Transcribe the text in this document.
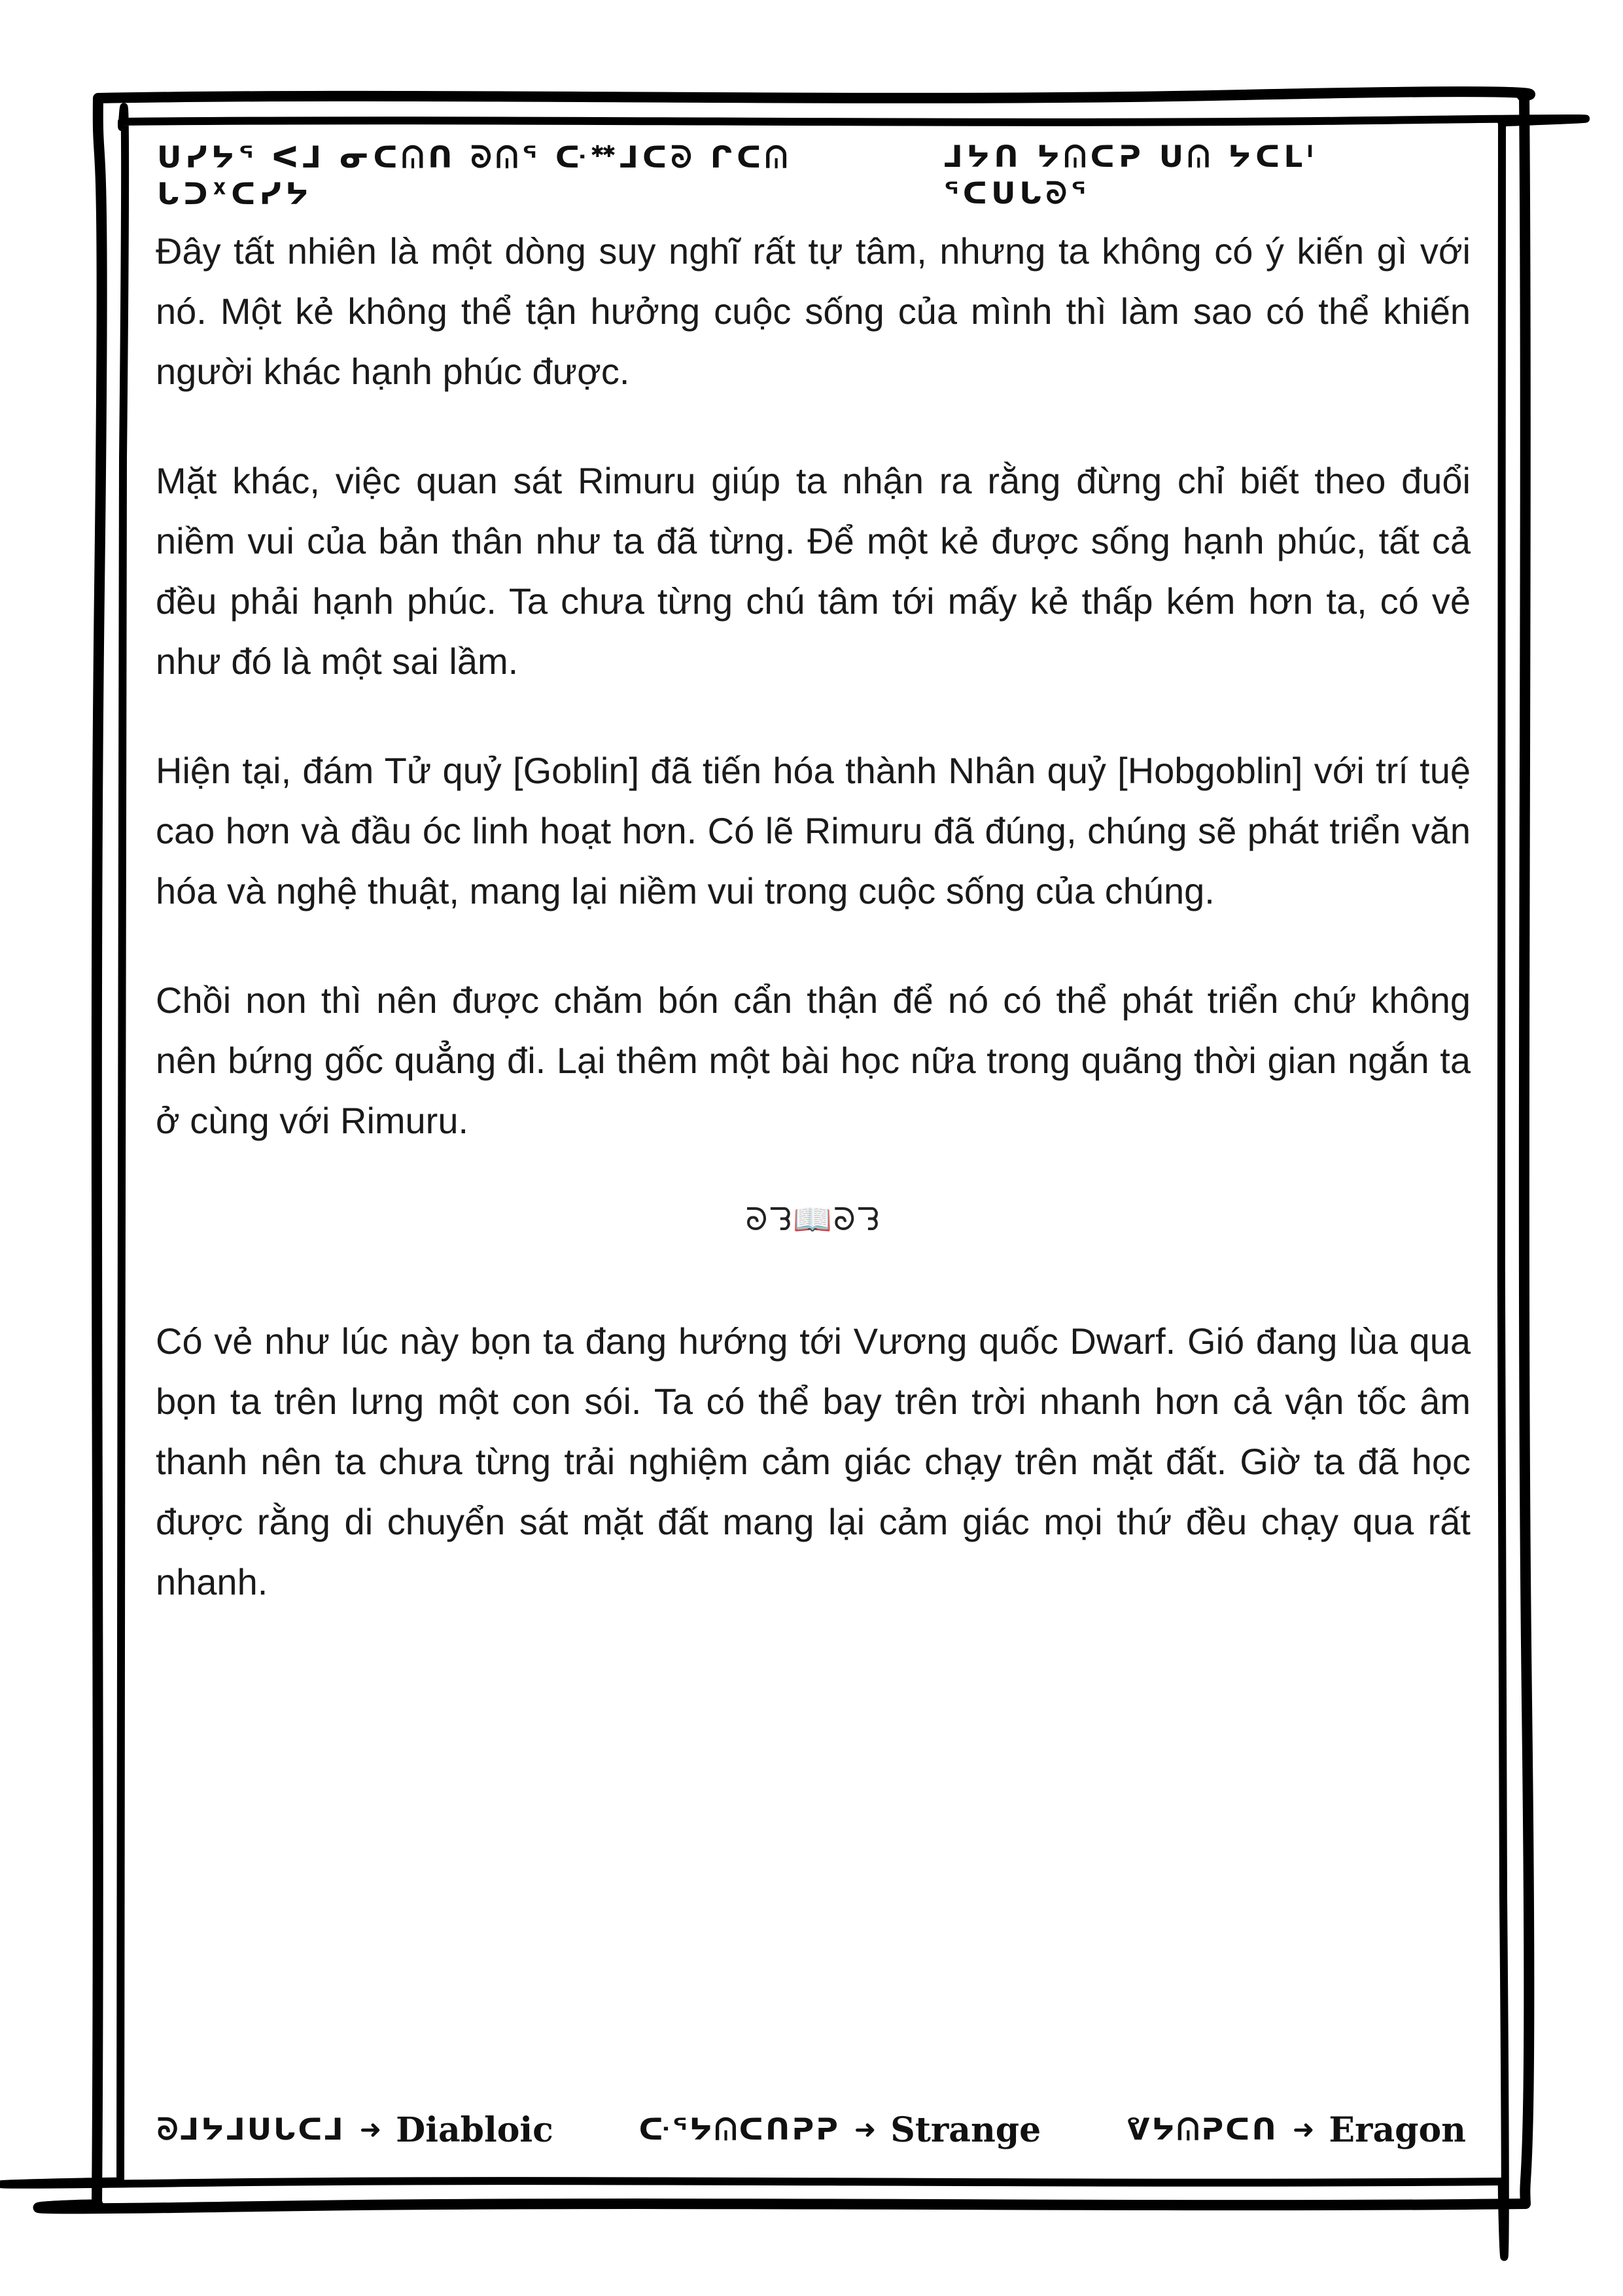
ᑌᓯᔭᕐ ᐸᒧ ᓂᑕᕬᑎ ᘐᕬᕐ ᑢᕯᒧᑕᘐ ᒋᑕᕬ ᒐᑐᕽᑕᓯᔭ
ᒧᔭᑎ ᔭᕬᑕᕈ ᑌᕬ ᔭᑕᒪᑊ ᕐᑕᑌᒐᘐᕐ

Đây tất nhiên là một dòng suy nghĩ rất tự tâm, nhưng ta không có ý kiến gì với nó. Một kẻ không thể tận hưởng cuộc sống của mình thì làm sao có thể khiến người khác hạnh phúc được.

Mặt khác, việc quan sát Rimuru giúp ta nhận ra rằng đừng chỉ biết theo đuổi niềm vui của bản thân như ta đã từng. Để một kẻ được sống hạnh phúc, tất cả đều phải hạnh phúc. Ta chưa từng chú tâm tới mấy kẻ thấp kém hơn ta, có vẻ như đó là một sai lầm.

Hiện tại, đám Tử quỷ [Goblin] đã tiến hóa thành Nhân quỷ [Hobgoblin] với trí tuệ cao hơn và đầu óc linh hoạt hơn. Có lẽ Rimuru đã đúng, chúng sẽ phát triển văn hóa và nghệ thuật, mang lại niềm vui trong cuộc sống của chúng.

Chồi non thì nên được chăm bón cẩn thận để nó có thể phát triển chứ không nên bứng gốc quẳng đi. Lại thêm một bài học nữa trong quãng thời gian ngắn ta ở cùng với Rimuru.

ᘐᘊ📖ᘐᘊ

Có vẻ như lúc này bọn ta đang hướng tới Vương quốc Dwarf. Gió đang lùa qua bọn ta trên lưng một con sói. Ta có thể bay trên trời nhanh hơn cả vận tốc âm thanh nên ta chưa từng trải nghiệm cảm giác chạy trên mặt đất. Giờ ta đã học được rằng di chuyển sát mặt đất mang lại cảm giác mọi thứ đều chạy qua rất nhanh.

ᘐᒧᔭᒧᑌᒐᑕᒧ ➜ Diabloic	ᑢᕐᔭᕬᑕᑎᕈᕈ ➜ Strange	ᕓᔭᕬᕈᑕᑎ ➜ Eragon
